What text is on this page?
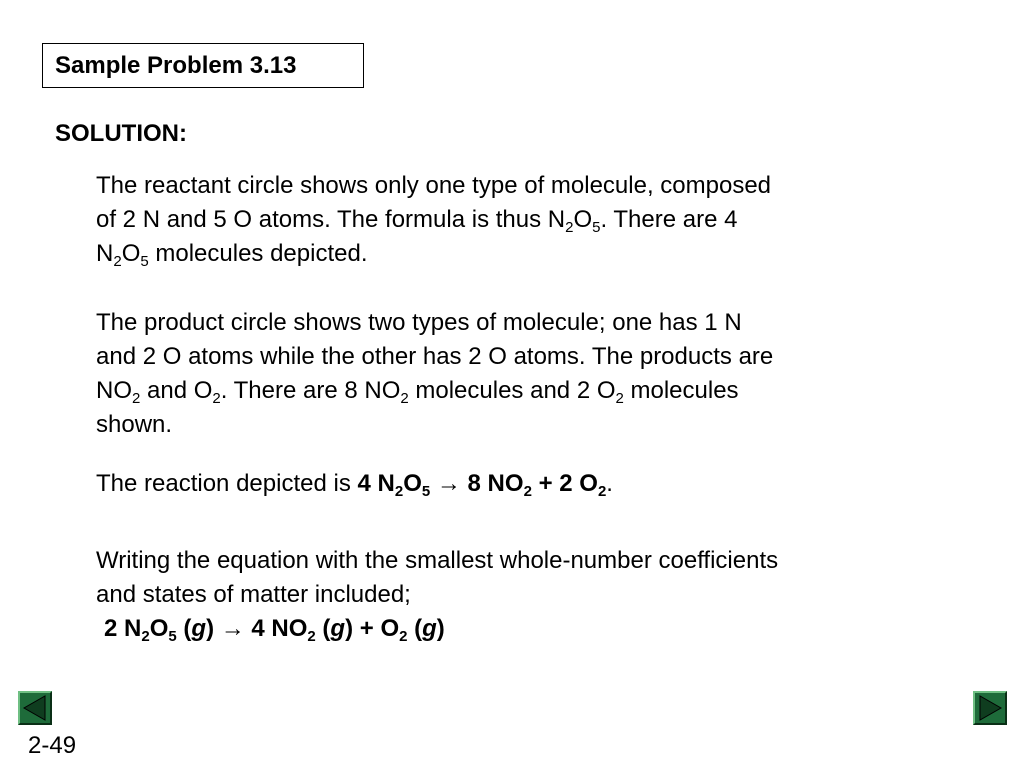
Sample Problem 3.13
SOLUTION:

The reactant circle shows only one type of molecule, composed
of 2 N and 5 O atoms. The formula is thus $N_2O_5$. There are 4
$N_2O_5$ molecules depicted.

The product circle shows two types of molecule; one has 1 N
and 2 O atoms while the other has 2 O atoms. The products are
$NO_2$ and $O_2$. There are 8 $NO_2$ molecules and 2 $O_2$ molecules
shown.

The reaction depicted is 4 $N_2O_5 \to 8$ $NO_2 + 2$ $O_2$.

Writing the equation with the smallest whole-number coefficients
and states of matter included;
2 $N_2O_5$ (g) → 4 $NO_2$ $(g) + O_2$ (g)

2-49
